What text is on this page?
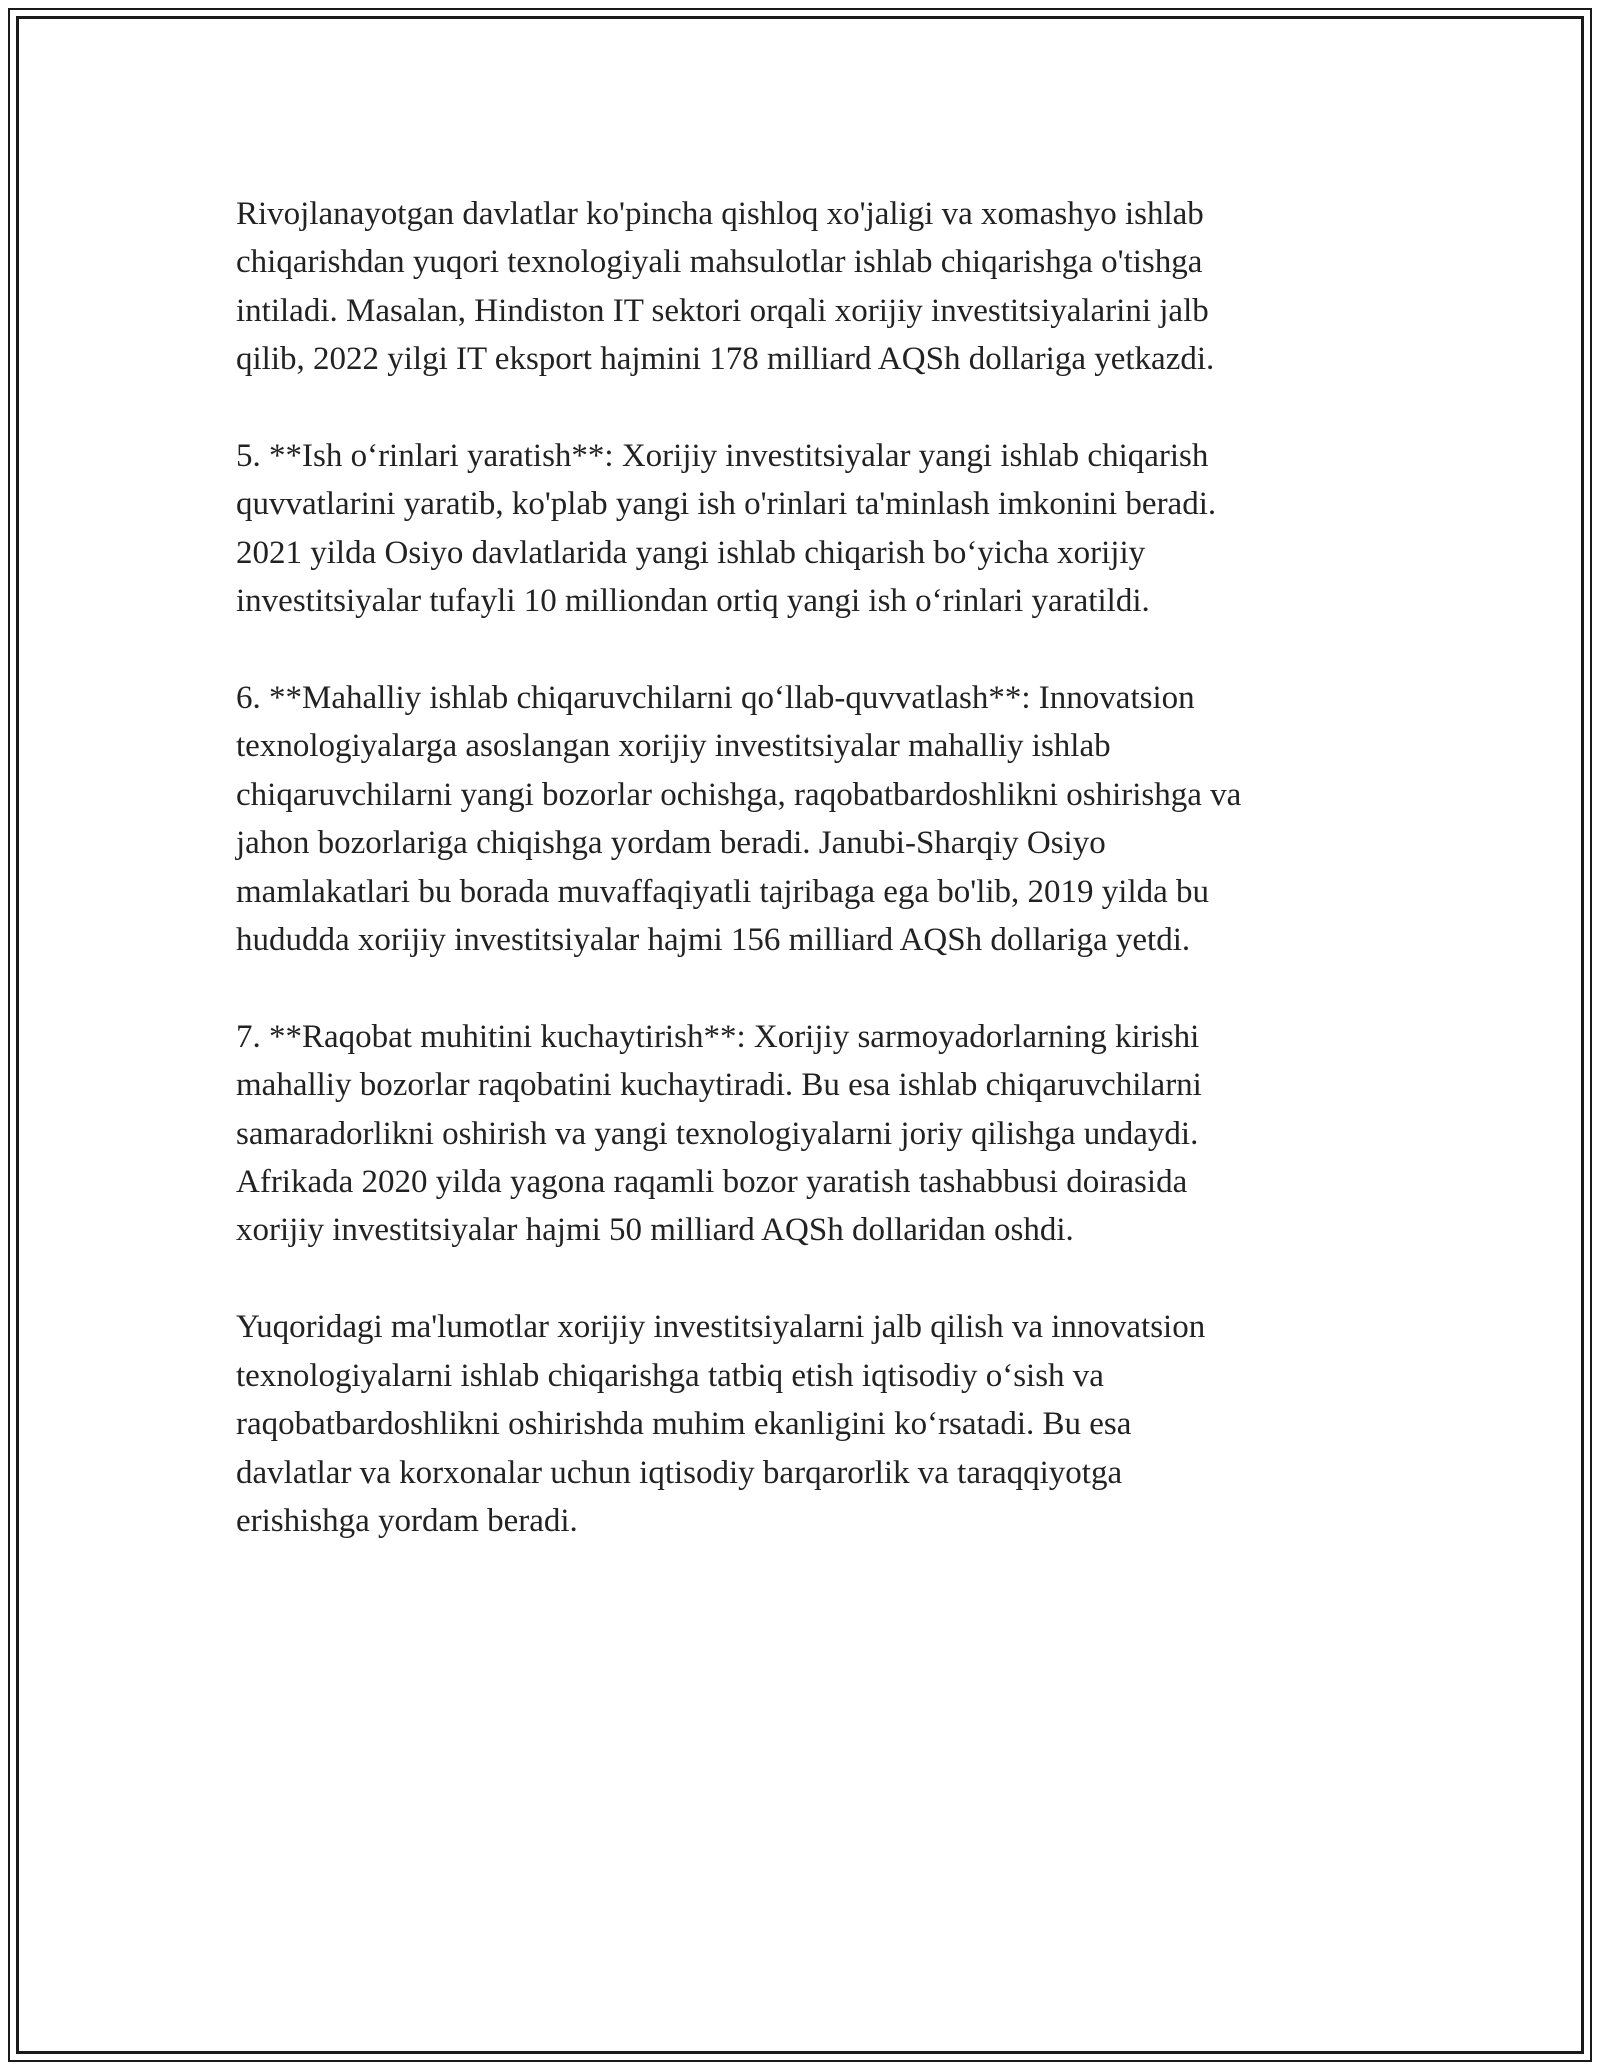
Rivojlanayotgan davlatlar ko'pincha qishloq xo'jaligi va xomashyo ishlab
chiqarishdan yuqori texnologiyali mahsulotlar ishlab chiqarishga o'tishga
intiladi. Masalan, Hindiston IT sektori orqali xorijiy investitsiyalarini jalb
qilib, 2022 yilgi IT eksport hajmini 178 milliard AQSh dollariga yetkazdi.

5. **Ish o‘rinlari yaratish**: Xorijiy investitsiyalar yangi ishlab chiqarish
quvvatlarini yaratib, ko'plab yangi ish o'rinlari ta'minlash imkonini beradi.
2021 yilda Osiyo davlatlarida yangi ishlab chiqarish bo‘yicha xorijiy
investitsiyalar tufayli 10 milliondan ortiq yangi ish o‘rinlari yaratildi.

6. **Mahalliy ishlab chiqaruvchilarni qo‘llab-quvvatlash**: Innovatsion
texnologiyalarga asoslangan xorijiy investitsiyalar mahalliy ishlab
chiqaruvchilarni yangi bozorlar ochishga, raqobatbardoshlikni oshirishga va
jahon bozorlariga chiqishga yordam beradi. Janubi-Sharqiy Osiyo
mamlakatlari bu borada muvaffaqiyatli tajribaga ega bo'lib, 2019 yilda bu
hududda xorijiy investitsiyalar hajmi 156 milliard AQSh dollariga yetdi.

7. **Raqobat muhitini kuchaytirish**: Xorijiy sarmoyadorlarning kirishi
mahalliy bozorlar raqobatini kuchaytiradi. Bu esa ishlab chiqaruvchilarni
samaradorlikni oshirish va yangi texnologiyalarni joriy qilishga undaydi.
Afrikada 2020 yilda yagona raqamli bozor yaratish tashabbusi doirasida
xorijiy investitsiyalar hajmi 50 milliard AQSh dollaridan oshdi.

Yuqoridagi ma'lumotlar xorijiy investitsiyalarni jalb qilish va innovatsion
texnologiyalarni ishlab chiqarishga tatbiq etish iqtisodiy o‘sish va
raqobatbardoshlikni oshirishda muhim ekanligini ko‘rsatadi. Bu esa
davlatlar va korxonalar uchun iqtisodiy barqarorlik va taraqqiyotga
erishishga yordam beradi.
